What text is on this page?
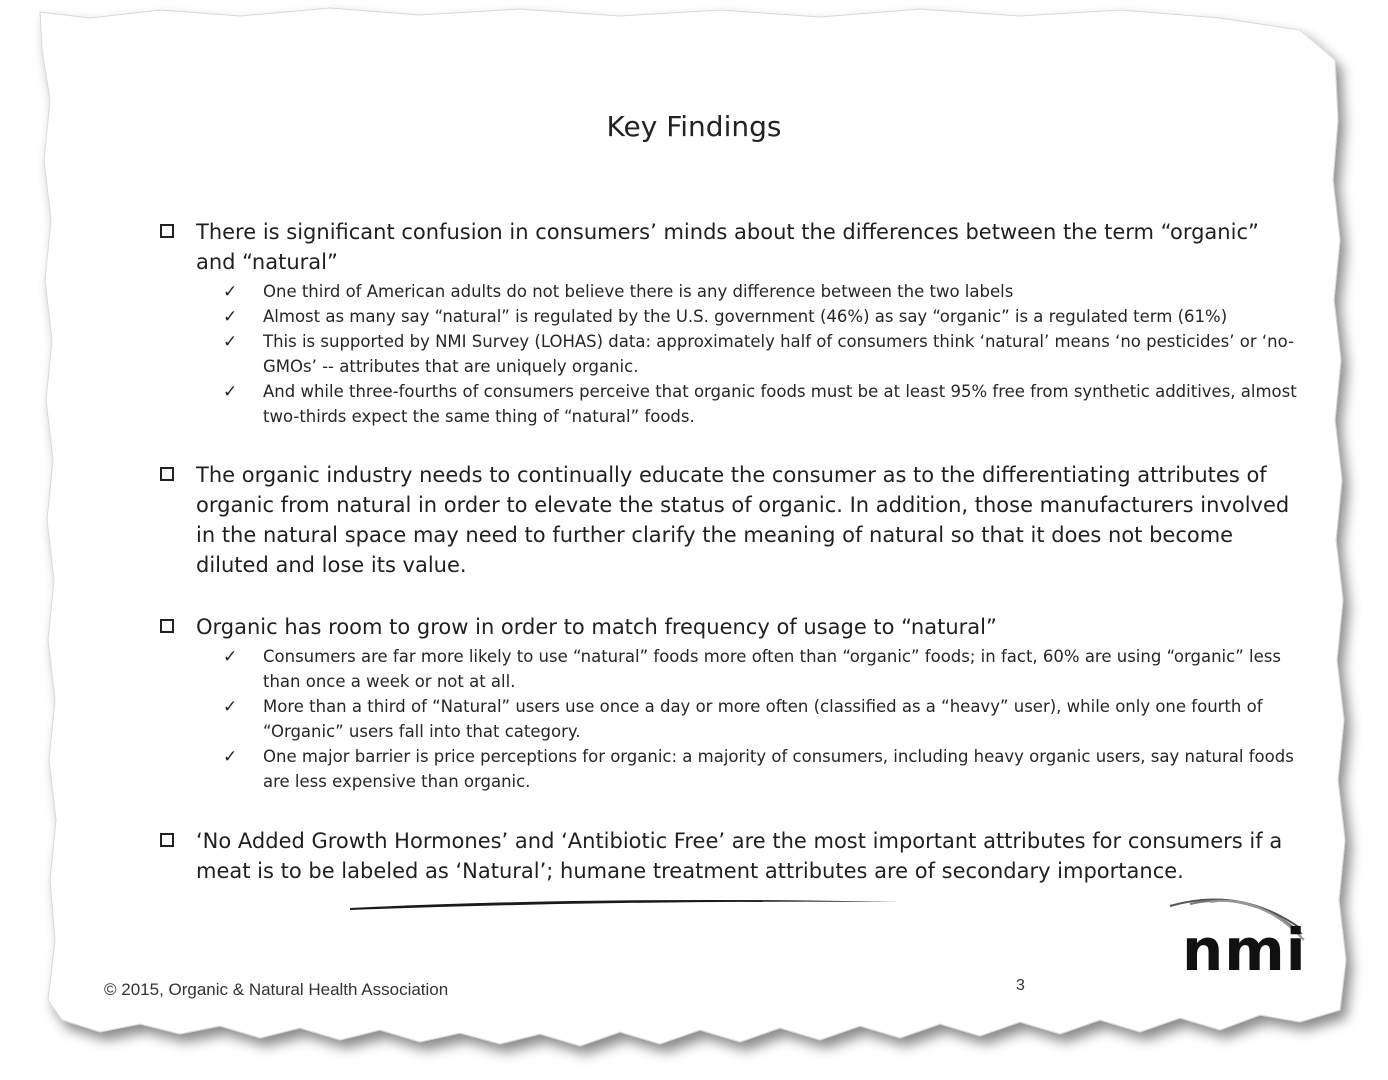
Key Findings
There is significant confusion in consumers’ minds about the differences between the term “organic” and “natural”
✓	One third of American adults do not believe there is any difference between the two labels
✓	Almost as many say “natural” is regulated by the U.S. government (46%) as say “organic” is a regulated term (61%)
✓	This is supported by NMI Survey (LOHAS) data: approximately half of consumers think ‘natural’ means ‘no pesticides’ or ‘no-GMOs’ -- attributes that are uniquely organic.
✓	And while three-fourths of consumers perceive that organic foods must be at least 95% free from synthetic additives, almost two-thirds expect the same thing of “natural” foods.
The organic industry needs to continually educate the consumer as to the differentiating attributes of organic from natural in order to elevate the status of organic. In addition, those manufacturers involved in the natural space may need to further clarify the meaning of natural so that it does not become diluted and lose its value.
Organic has room to grow in order to match frequency of usage to “natural”
✓	Consumers are far more likely to use “natural” foods more often than “organic” foods; in fact, 60% are using “organic” less than once a week or not at all.
✓	More than a third of “Natural” users use once a day or more often (classified as a “heavy” user), while only one fourth of “Organic” users fall into that category.
✓	One major barrier is price perceptions for organic: a majority of consumers, including heavy organic users, say natural foods are less expensive than organic.
‘No Added Growth Hormones’ and ‘Antibiotic Free’ are the most important attributes for consumers if a meat is to be labeled as ‘Natural’; humane treatment attributes are of secondary importance.
© 2015, Organic & Natural Health Association	3
nmi
